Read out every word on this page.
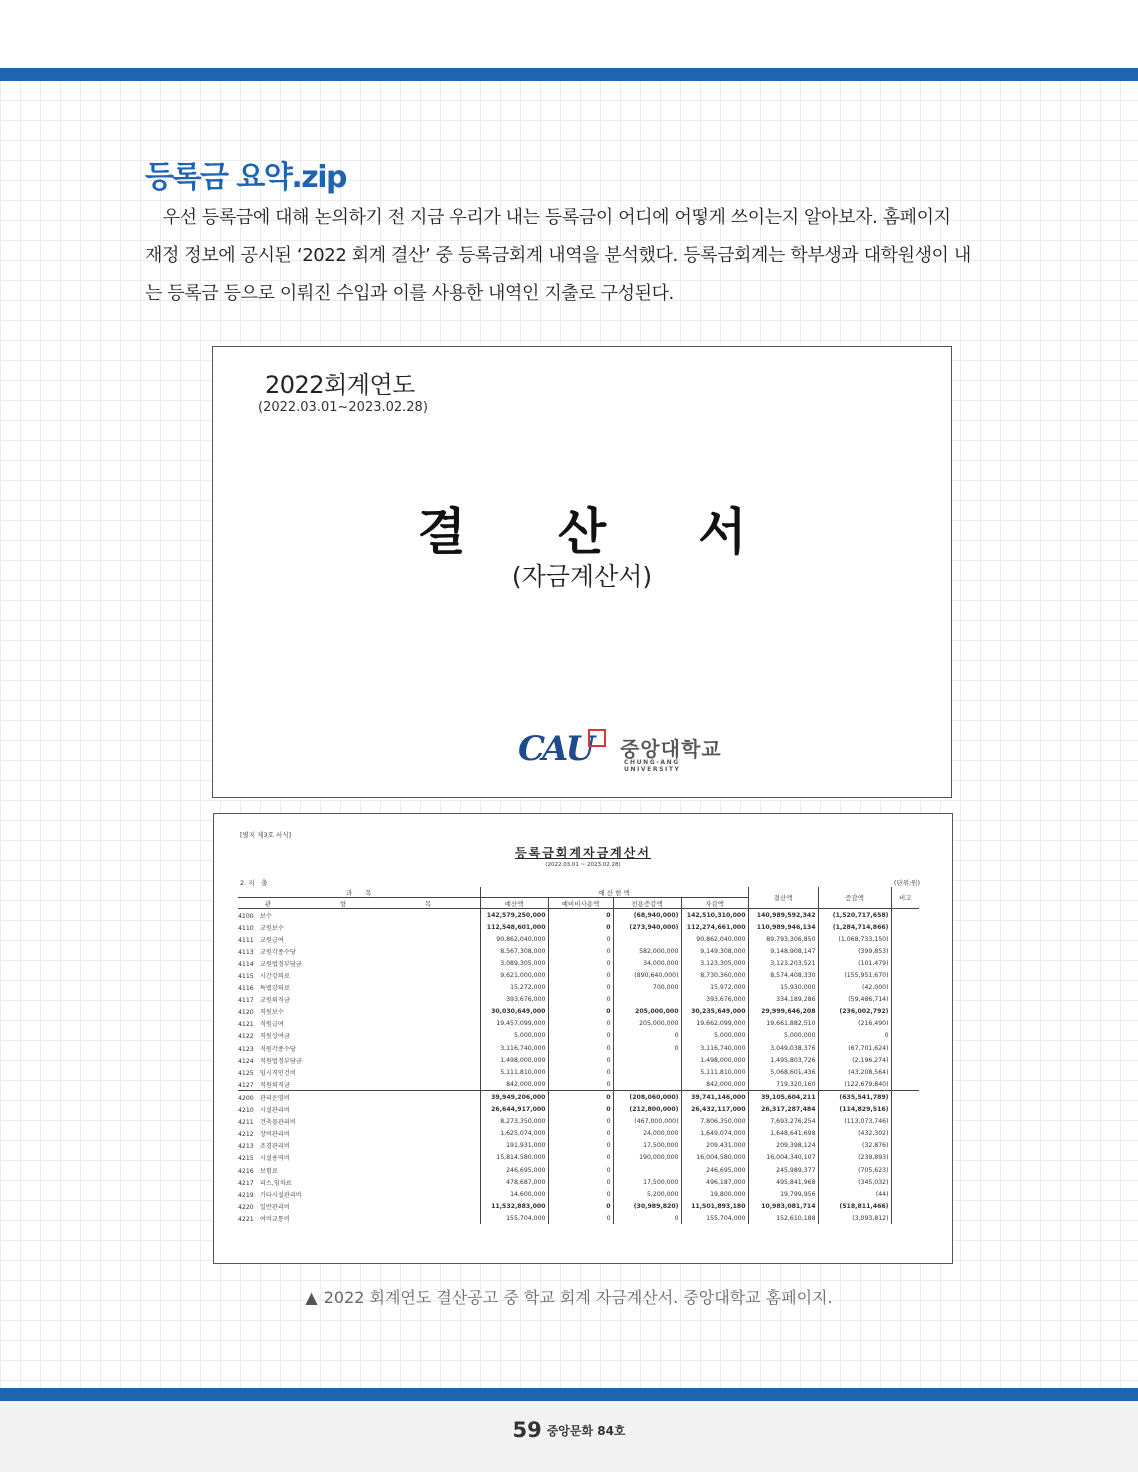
등록금 요약.zip
　우선 등록금에 대해 논의하기 전 지금 우리가 내는 등록금이 어디에 어떻게 쓰이는지 알아보자. 홈페이지
재정 정보에 공시된 ‘2022 회계 결산’ 중 등록금회계 내역을 분석했다. 등록금회계는 학부생과 대학원생이 내
는 등록금 등으로 이뤄진 수입과 이를 사용한 내역인 지출로 구성된다.
2022회계연도
(2022.03.01~2023.02.28)
결산서
(자금계산서)
CAU 중앙대학교
CHUNG-ANG UNIVERSITY
[별지 제3호 서식]
등록금회계자금계산서
(2022.03.01 ~ 2023.02.28)
2. 지　출	(단위:원)
과　　목	예 산 현 액				결산액	증감액	비고
관 항 목	예산액	예비비사용액	전용증감액	자감액			
4100　보수	142,579,250,000	0	(68,940,000)	142,510,310,000	140,989,592,342	(1,520,717,658)	
4110　교원보수	112,548,601,000	0	(273,940,000)	112,274,661,000	110,989,946,134	(1,284,714,866)	
4111　교원급여	90,862,040,000	0		90,862,040,000	89,793,306,850	(1,068,733,150)	
4113　교원각종수당	8,567,308,000	0	582,000,000	9,149,308,000	9,148,908,147	(399,853)	
4114　교원법정부담금	3,089,305,000	0	34,000,000	3,123,305,000	3,123,203,521	(101,479)	
4115　시간강의료	9,621,000,000	0	(890,640,000)	8,730,360,000	8,574,408,330	(155,951,670)	
4116　특별강의료	15,272,000	0	700,000	15,972,000	15,930,000	(42,000)	
4117　교원퇴직금	393,676,000	0		393,676,000	334,189,286	(59,486,714)	
4120　직원보수	30,030,649,000	0	205,000,000	30,235,649,000	29,999,646,208	(236,002,792)	
4121　직원급여	19,457,099,000	0	205,000,000	19,662,099,000	19,661,882,510	(216,490)	
4122　직원상여금	5,000,000	0	0	5,000,000	5,000,000	0	
4123　직원각종수당	3,116,740,000	0	0	3,116,740,000	3,049,038,376	(67,701,624)	
4124　직원법정부담금	1,498,000,000	0		1,498,000,000	1,495,803,726	(2,196,274)	
4125　임시직인건비	5,111,810,000	0		5,111,810,000	5,068,601,436	(43,208,564)	
4127　직원퇴직금	842,000,000	0		842,000,000	719,320,160	(122,679,840)	
4200　관리운영비	39,949,206,000	0	(208,060,000)	39,741,146,000	39,105,604,211	(635,541,789)	
4210　시설관리비	26,644,917,000	0	(212,800,000)	26,432,117,000	26,317,287,484	(114,829,516)	
4211　건축물관리비	8,273,350,000	0	(467,000,000)	7,806,350,000	7,693,276,254	(113,073,746)	
4212　장비관리비	1,625,074,000	0	24,000,000	1,649,074,000	1,648,641,698	(432,302)	
4213　조경관리비	191,931,000	0	17,500,000	209,431,000	209,398,124	(32,876)	
4215　시설용역비	15,814,580,000	0	190,000,000	16,004,580,000	16,004,340,107	(239,893)	
4216　보험료	246,695,000	0		246,695,000	245,989,377	(705,623)	
4217　리스,임차료	478,687,000	0	17,500,000	496,187,000	495,841,968	(345,032)	
4219　기타시설관리비	14,600,000	0	5,200,000	19,800,000	19,799,956	(44)	
4220　일반관리비	11,532,883,000	0	(30,989,820)	11,501,893,180	10,983,081,714	(518,811,466)	
4221　여비교통비	155,704,000	0	0	155,704,000	152,610,188	(3,093,812)	
▲ 2022 회계연도 결산공고 중 학교 회계 자금계산서. 중앙대학교 홈페이지.
59 중앙문화 84호
